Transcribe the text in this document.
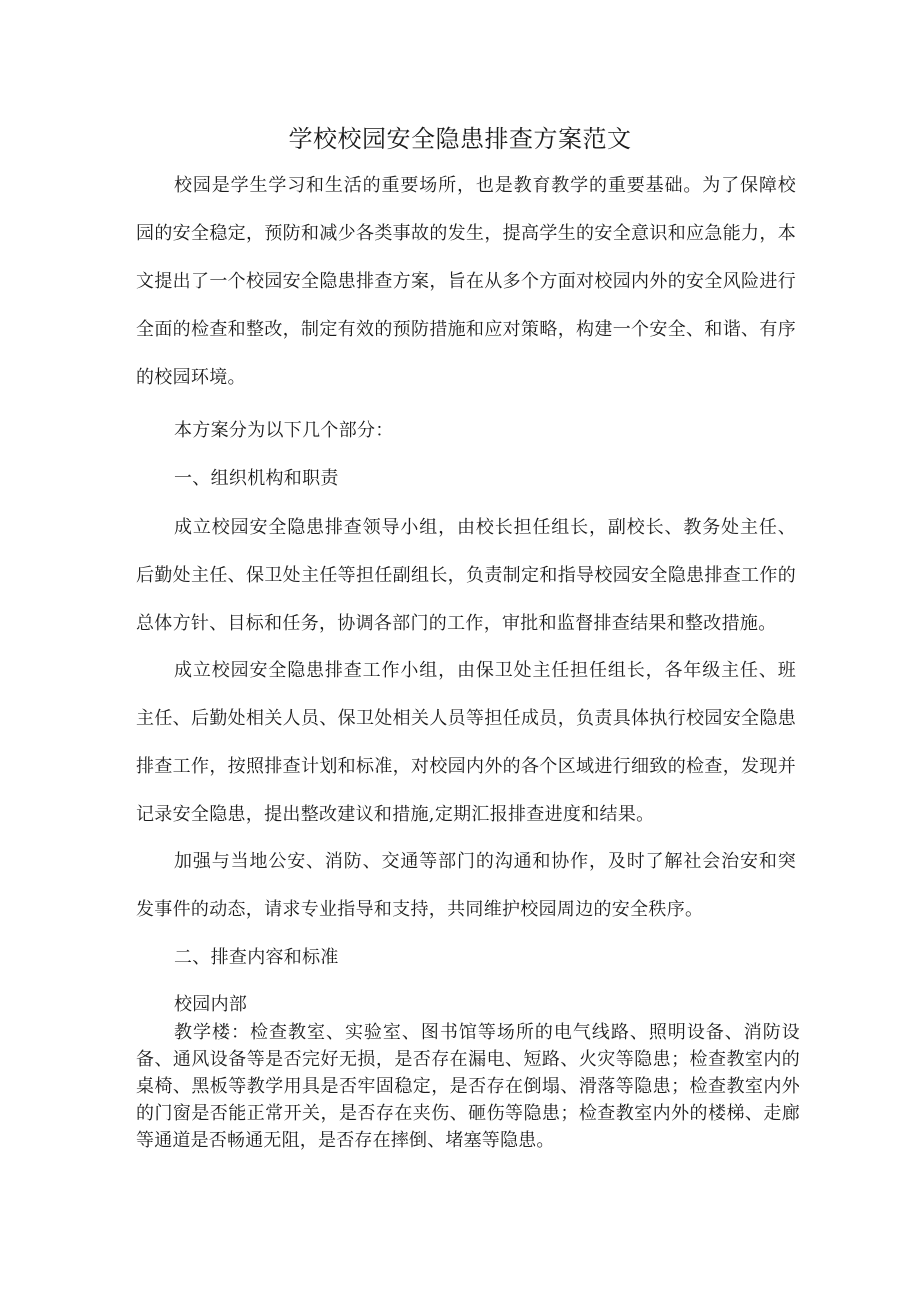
学校校园安全隐患排查方案范文
校园是学生学习和生活的重要场所，也是教育教学的重要基础。为了保障校园的安全稳定，预防和减少各类事故的发生，提高学生的安全意识和应急能力，本文提出了一个校园安全隐患排查方案，旨在从多个方面对校园内外的安全风险进行全面的检查和整改，制定有效的预防措施和应对策略，构建一个安全、和谐、有序的校园环境。
本方案分为以下几个部分：
一、组织机构和职责
成立校园安全隐患排查领导小组，由校长担任组长，副校长、教务处主任、后勤处主任、保卫处主任等担任副组长，负责制定和指导校园安全隐患排查工作的总体方针、目标和任务，协调各部门的工作，审批和监督排查结果和整改措施。
成立校园安全隐患排查工作小组，由保卫处主任担任组长，各年级主任、班主任、后勤处相关人员、保卫处相关人员等担任成员，负责具体执行校园安全隐患排查工作，按照排查计划和标准，对校园内外的各个区域进行细致的检查，发现并记录安全隐患，提出整改建议和措施,定期汇报排查进度和结果。
加强与当地公安、消防、交通等部门的沟通和协作，及时了解社会治安和突发事件的动态，请求专业指导和支持，共同维护校园周边的安全秩序。
二、排查内容和标准
校园内部
教学楼：检查教室、实验室、图书馆等场所的电气线路、照明设备、消防设备、通风设备等是否完好无损，是否存在漏电、短路、火灾等隐患；检查教室内的桌椅、黑板等教学用具是否牢固稳定，是否存在倒塌、滑落等隐患；检查教室内外的门窗是否能正常开关，是否存在夹伤、砸伤等隐患；检查教室内外的楼梯、走廊等通道是否畅通无阻，是否存在摔倒、堵塞等隐患。
